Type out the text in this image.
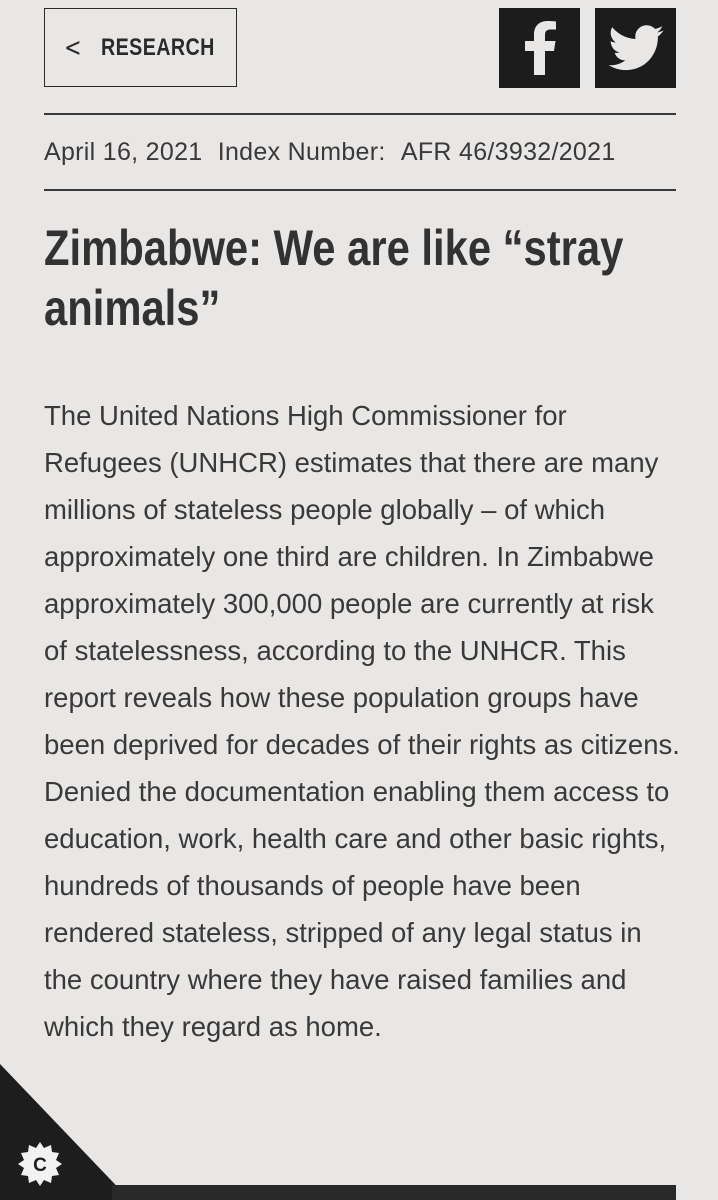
< RESEARCH
April 16, 2021 Index Number: AFR 46/3932/2021
Zimbabwe: We are like “stray animals”

The United Nations High Commissioner for Refugees (UNHCR) estimates that there are many millions of stateless people globally – of which approximately one third are children. In Zimbabwe approximately 300,000 people are currently at risk of statelessness, according to the UNHCR. This report reveals how these population groups have been deprived for decades of their rights as citizens. Denied the documentation enabling them access to education, work, health care and other basic rights, hundreds of thousands of people have been rendered stateless, stripped of any legal status in the country where they have raised families and which they regard as home.

C
